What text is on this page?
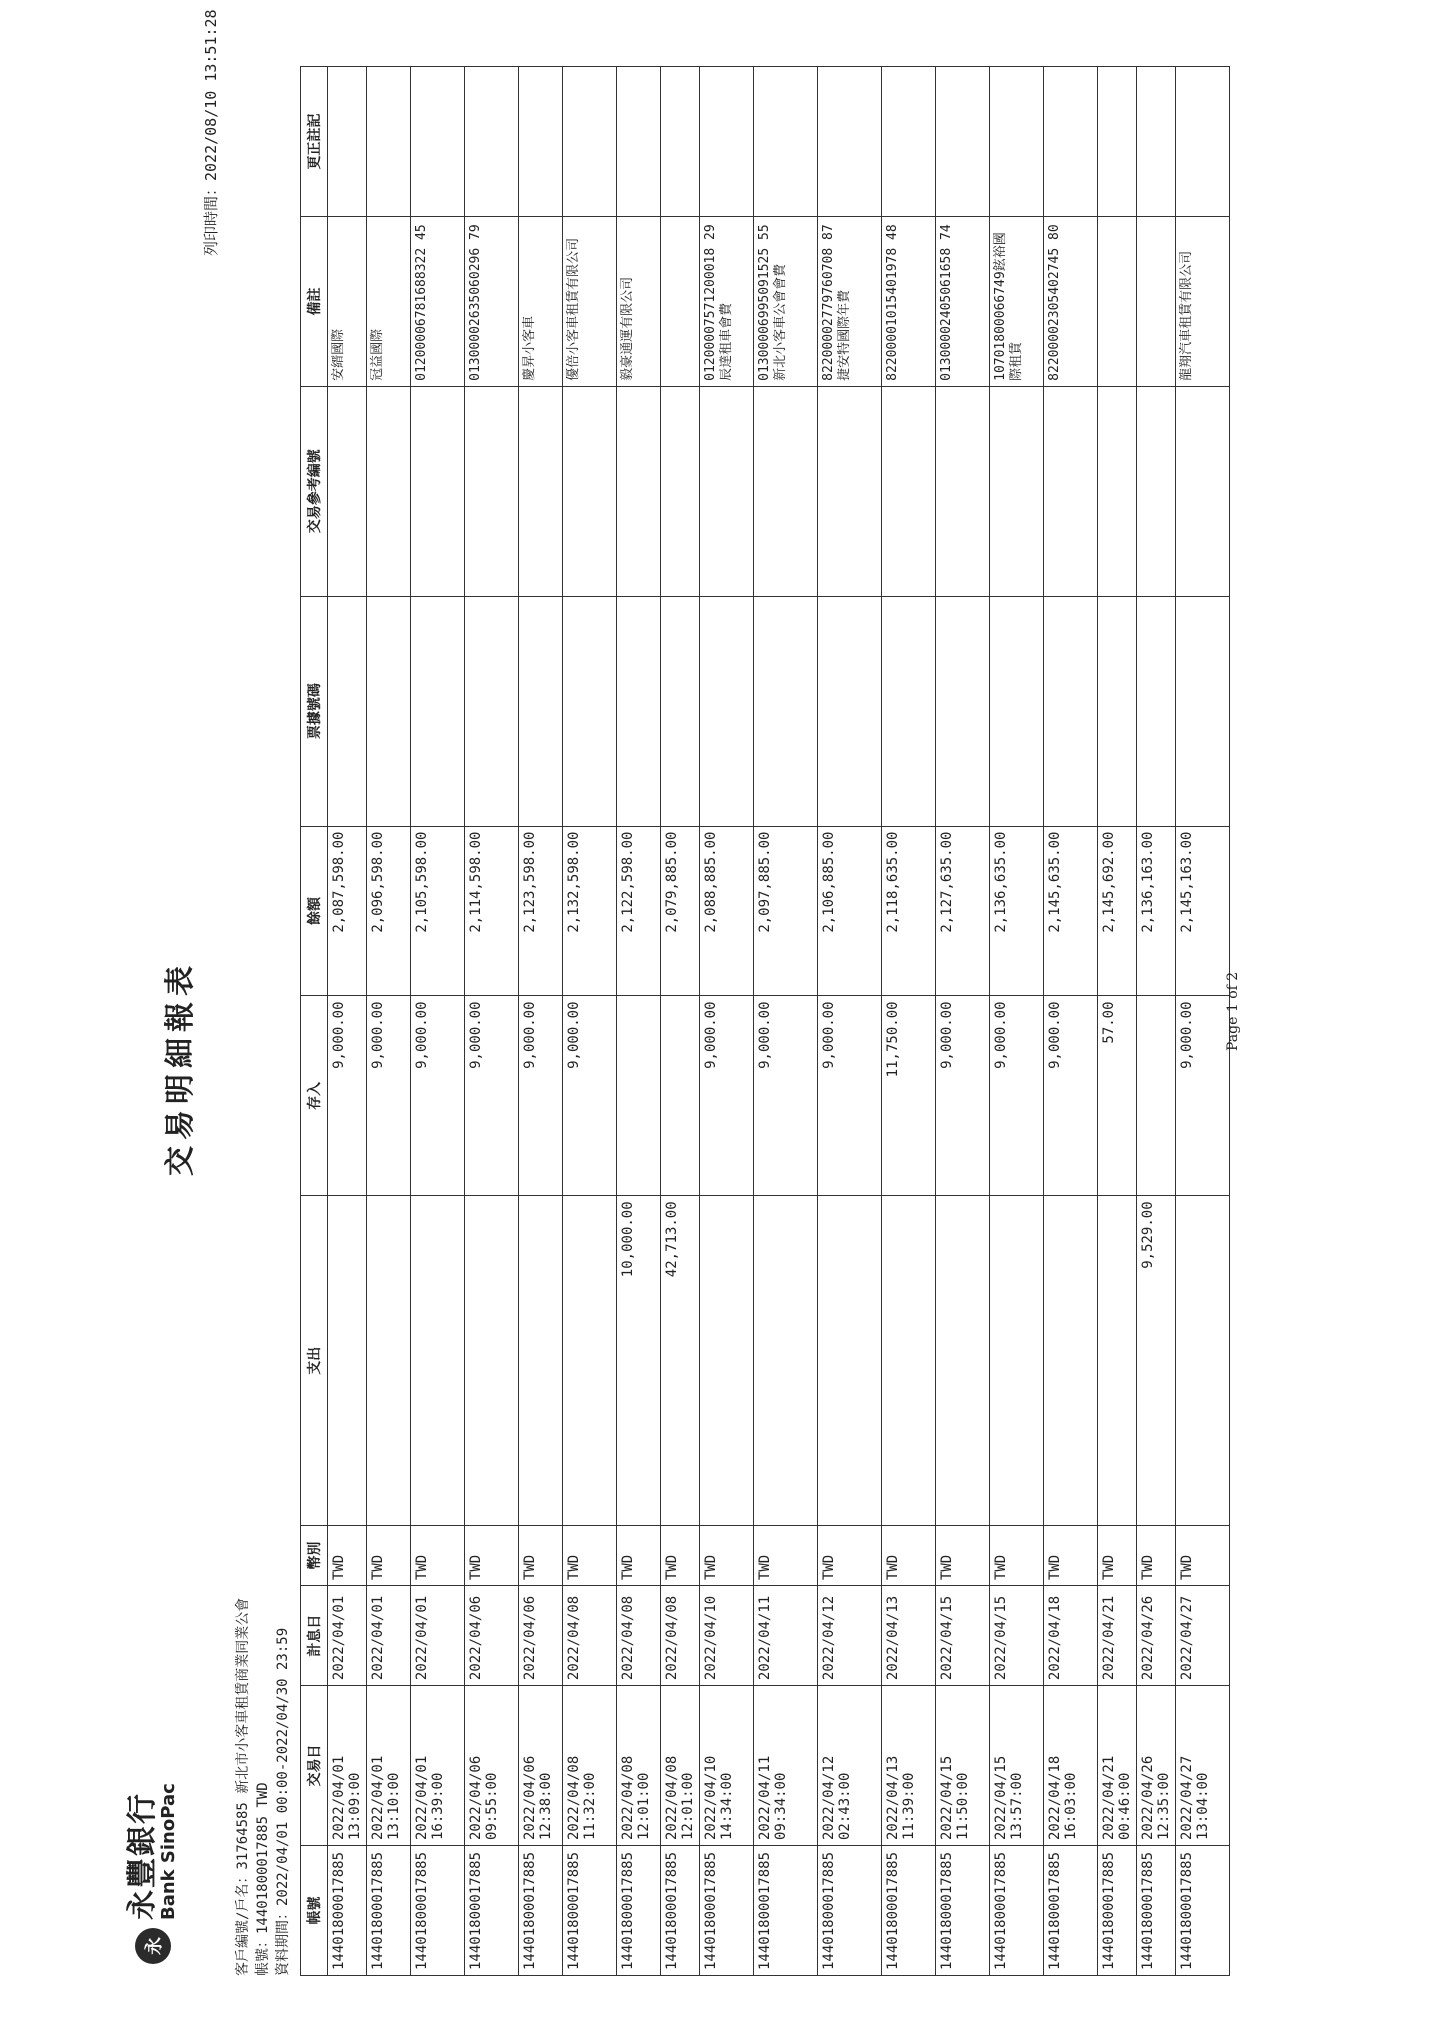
永
永豐銀行
Bank SinoPac
交易明細報表
客戶編號/戶名：31764585 新北市小客車租賃商業同業公會 帳號：14401800017885 TWD 資料期間：2022/04/01 00:00-2022/04/30 23:59
列印時間：2022/08/10 13:51:28
帳號	交易日	計息日	幣別	支出	存入	餘額	票據號碼	交易參考編號	備註	更正註記
14401800017885	2022/04/01 13:09:00	2022/04/01	TWD		9,000.00	2,087,598.00			安縉國際	
14401800017885	2022/04/01 13:10:00	2022/04/01	TWD		9,000.00	2,096,598.00			冠益國際	
14401800017885	2022/04/01 16:39:00	2022/04/01	TWD		9,000.00	2,105,598.00			01200006781688322 45	
14401800017885	2022/04/06 09:55:00	2022/04/06	TWD		9,000.00	2,114,598.00			01300002635060296 79	
14401800017885	2022/04/06 12:38:00	2022/04/06	TWD		9,000.00	2,123,598.00			慶昇小客車	
14401800017885	2022/04/08 11:32:00	2022/04/08	TWD		9,000.00	2,132,598.00			優倍小客車租賃有限公司	
14401800017885	2022/04/08 12:01:00	2022/04/08	TWD	10,000.00		2,122,598.00			毅豪通運有限公司	
14401800017885	2022/04/08 12:01:00	2022/04/08	TWD	42,713.00		2,079,885.00				
14401800017885	2022/04/10 14:34:00	2022/04/10	TWD		9,000.00	2,088,885.00			01200007571200018 29辰達租車會費	
14401800017885	2022/04/11 09:34:00	2022/04/11	TWD		9,000.00	2,097,885.00			01300006995091525 55新北小客車公會會費	
14401800017885	2022/04/12 02:43:00	2022/04/12	TWD		9,000.00	2,106,885.00			82200002779760708 87捷安特國際年費	
14401800017885	2022/04/13 11:39:00	2022/04/13	TWD		11,750.00	2,118,635.00			82200001015401978 48	
14401800017885	2022/04/15 11:50:00	2022/04/15	TWD		9,000.00	2,127,635.00			01300002405061658 74	
14401800017885	2022/04/15 13:57:00	2022/04/15	TWD		9,000.00	2,136,635.00			10701800066749鉉裕國際租賃	
14401800017885	2022/04/18 16:03:00	2022/04/18	TWD		9,000.00	2,145,635.00			82200002305402745 80	
14401800017885	2022/04/21 00:46:00	2022/04/21	TWD		57.00	2,145,692.00				
14401800017885	2022/04/26 12:35:00	2022/04/26	TWD	9,529.00		2,136,163.00				
14401800017885	2022/04/27 13:04:00	2022/04/27	TWD		9,000.00	2,145,163.00			龍翔汽車租賃有限公司	
Page 1 of 2
